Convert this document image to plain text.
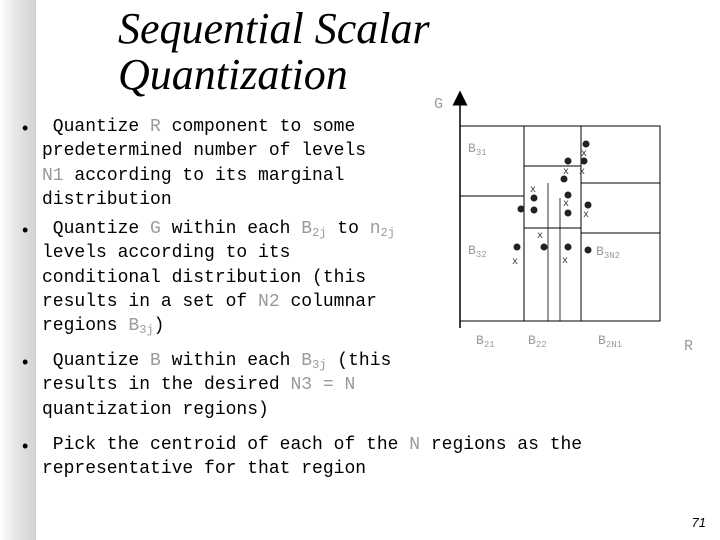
Sequential Scalar
Quantization
• Quantize R component to some
predetermined number of levels
N1 according to its marginal
distribution
• Quantize G within each $B_{2j}$ to $n_{2j}$
levels according to its
conditional distribution (this
results in a set of N2 columnar
regions $B_{3j}$)
• Quantize B within each $B_{3j}$ (this
results in the desired N3 = N
quantization regions)
• Pick the centroid of each of the N regions as the
representative for that region
G
x
x x
x
x
x
x
x	x
$B_{31}$
$B_{32}$	$B_{3N2}$
$B_{21}$	$B_{22}$	$B_{2N1}$	R
71
